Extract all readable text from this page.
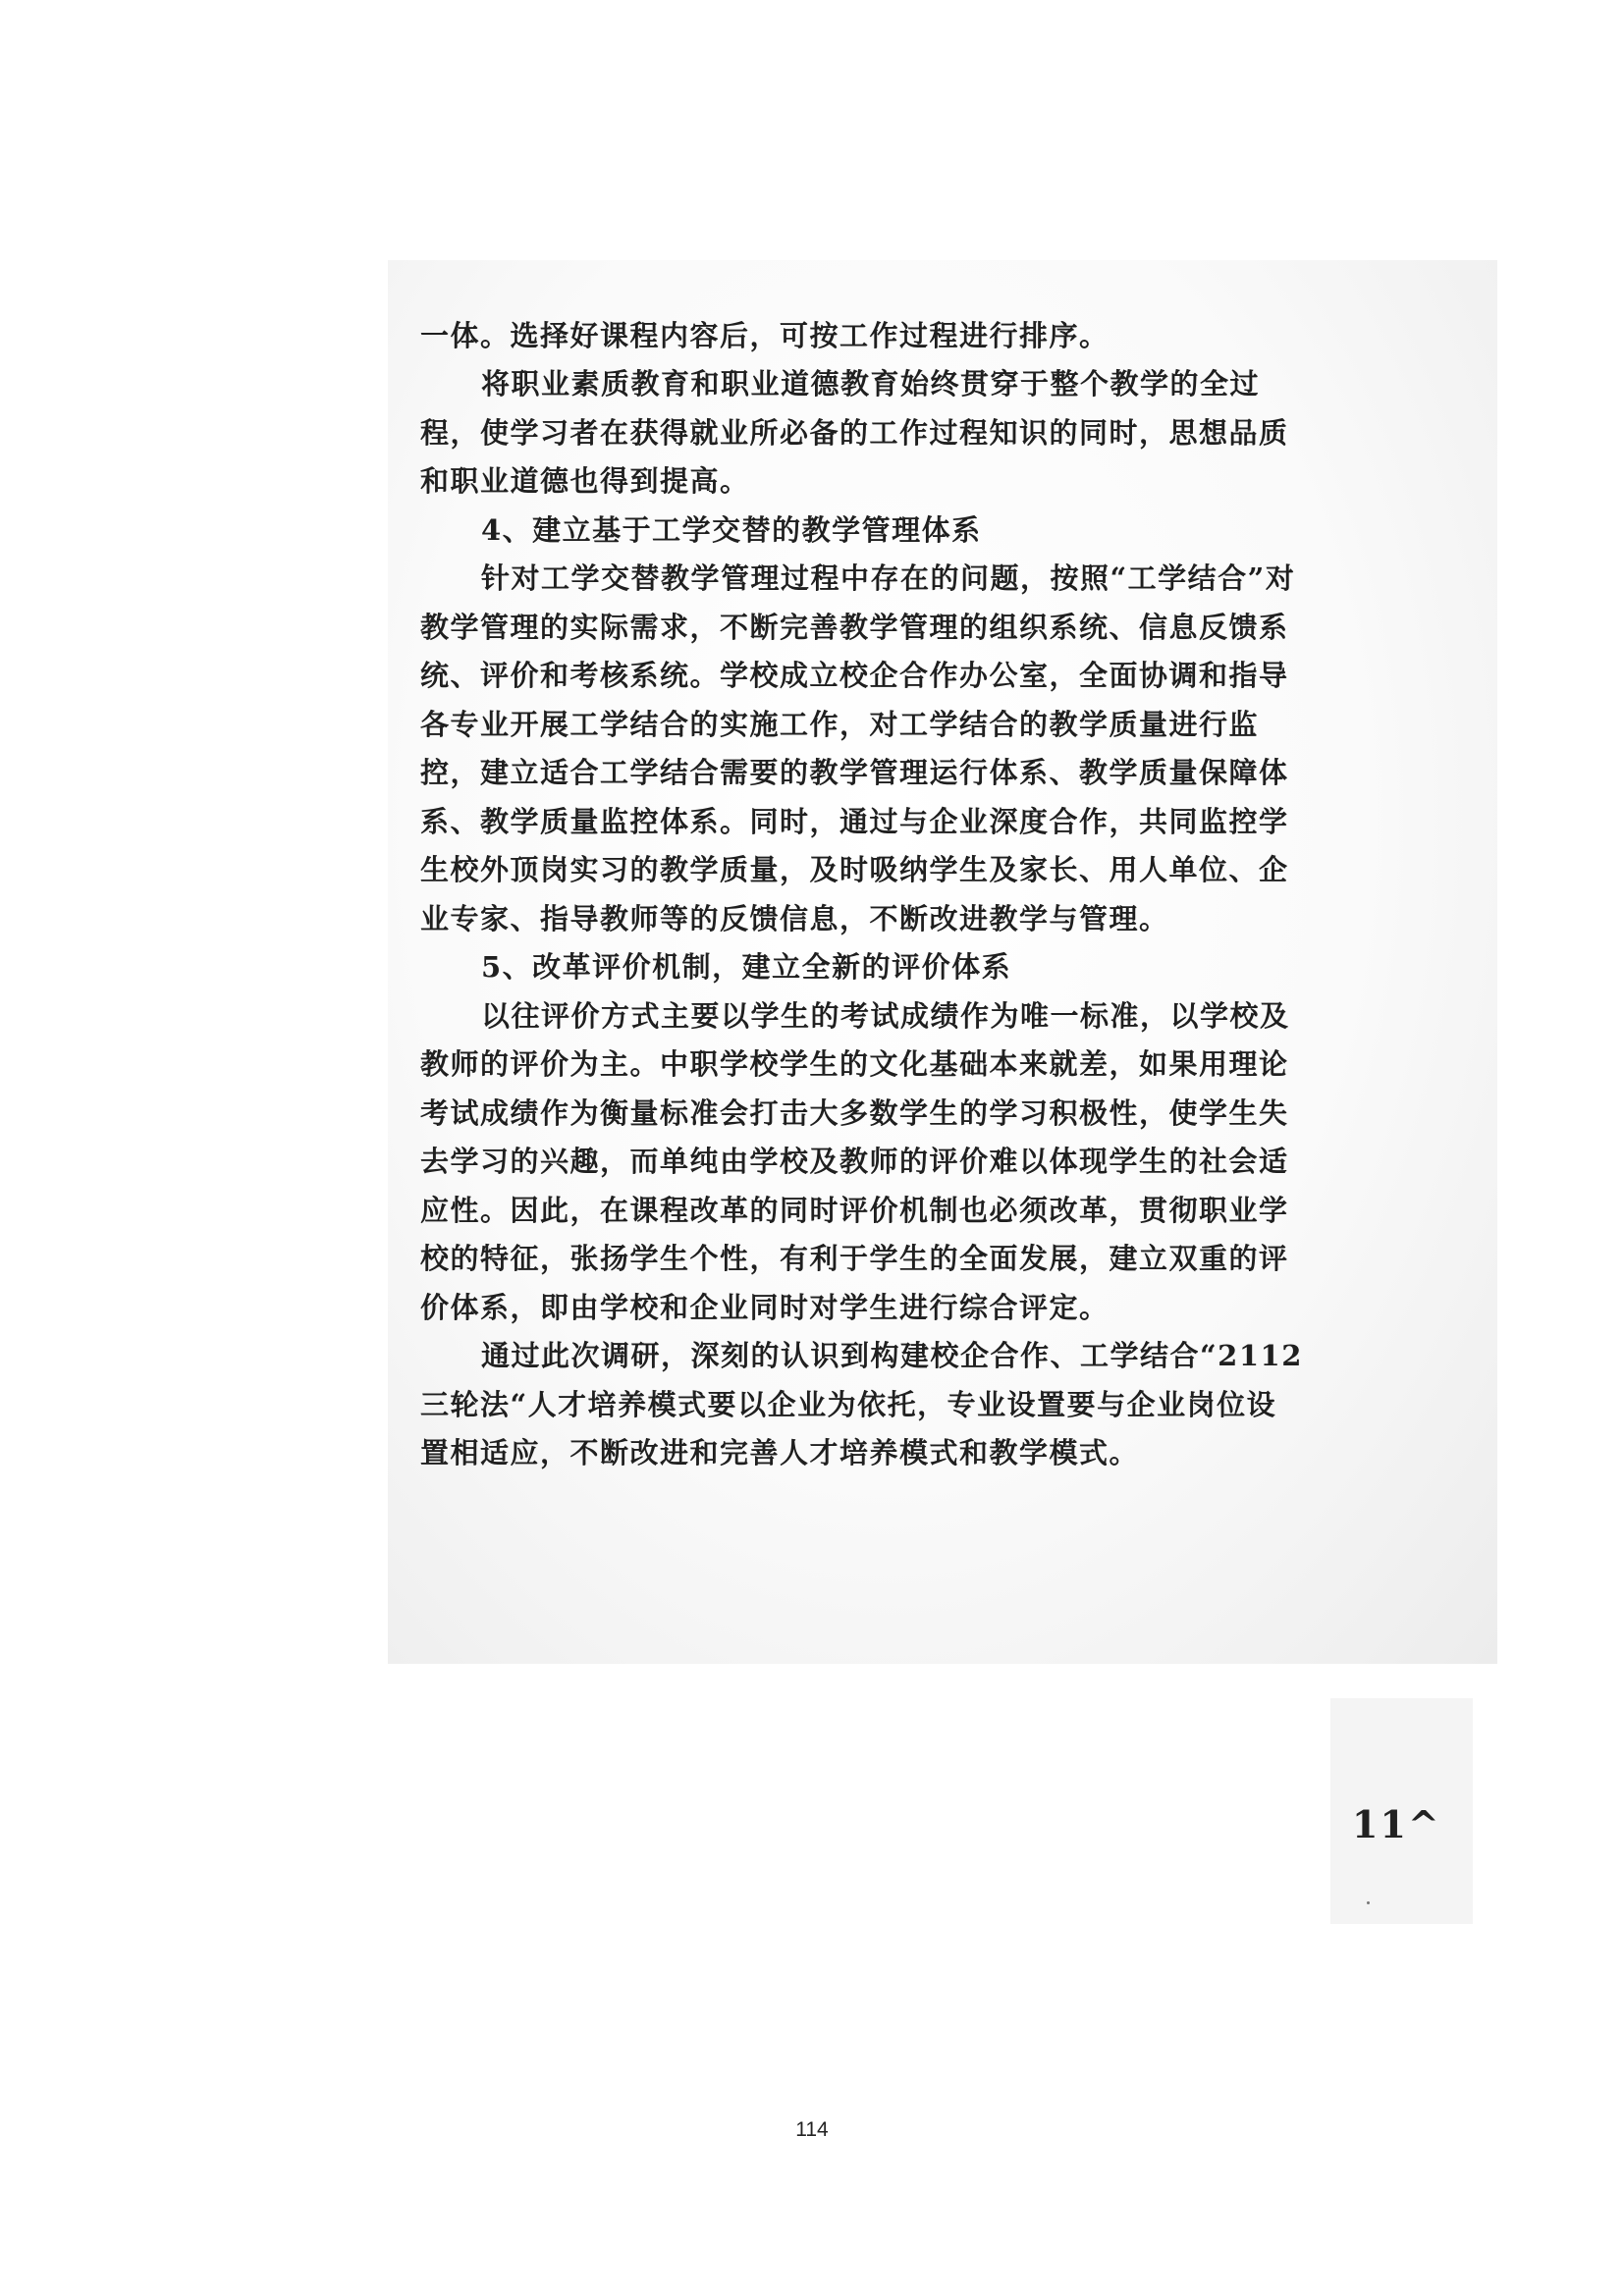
一体。选择好课程内容后，可按工作过程进行排序。

将职业素质教育和职业道德教育始终贯穿于整个教学的全过程，使学习者在获得就业所必备的工作过程知识的同时，思想品质和职业道德也得到提高。

4、建立基于工学交替的教学管理体系

针对工学交替教学管理过程中存在的问题，按照“工学结合”对教学管理的实际需求，不断完善教学管理的组织系统、信息反馈系统、评价和考核系统。学校成立校企合作办公室，全面协调和指导各专业开展工学结合的实施工作，对工学结合的教学质量进行监控，建立适合工学结合需要的教学管理运行体系、教学质量保障体系、教学质量监控体系。同时，通过与企业深度合作，共同监控学生校外顶岗实习的教学质量，及时吸纳学生及家长、用人单位、企业专家、指导教师等的反馈信息，不断改进教学与管理。

5、改革评价机制，建立全新的评价体系

以往评价方式主要以学生的考试成绩作为唯一标准，以学校及教师的评价为主。中职学校学生的文化基础本来就差，如果用理论考试成绩作为衡量标准会打击大多数学生的学习积极性，使学生失去学习的兴趣，而单纯由学校及教师的评价难以体现学生的社会适应性。因此，在课程改革的同时评价机制也必须改革，贯彻职业学校的特征，张扬学生个性，有利于学生的全面发展，建立双重的评价体系，即由学校和企业同时对学生进行综合评定。

通过此次调研，深刻的认识到构建校企合作、工学结合“2112三轮法“人才培养模式要以企业为依托，专业设置要与企业岗位设置相适应，不断改进和完善人才培养模式和教学模式。

11^
114
